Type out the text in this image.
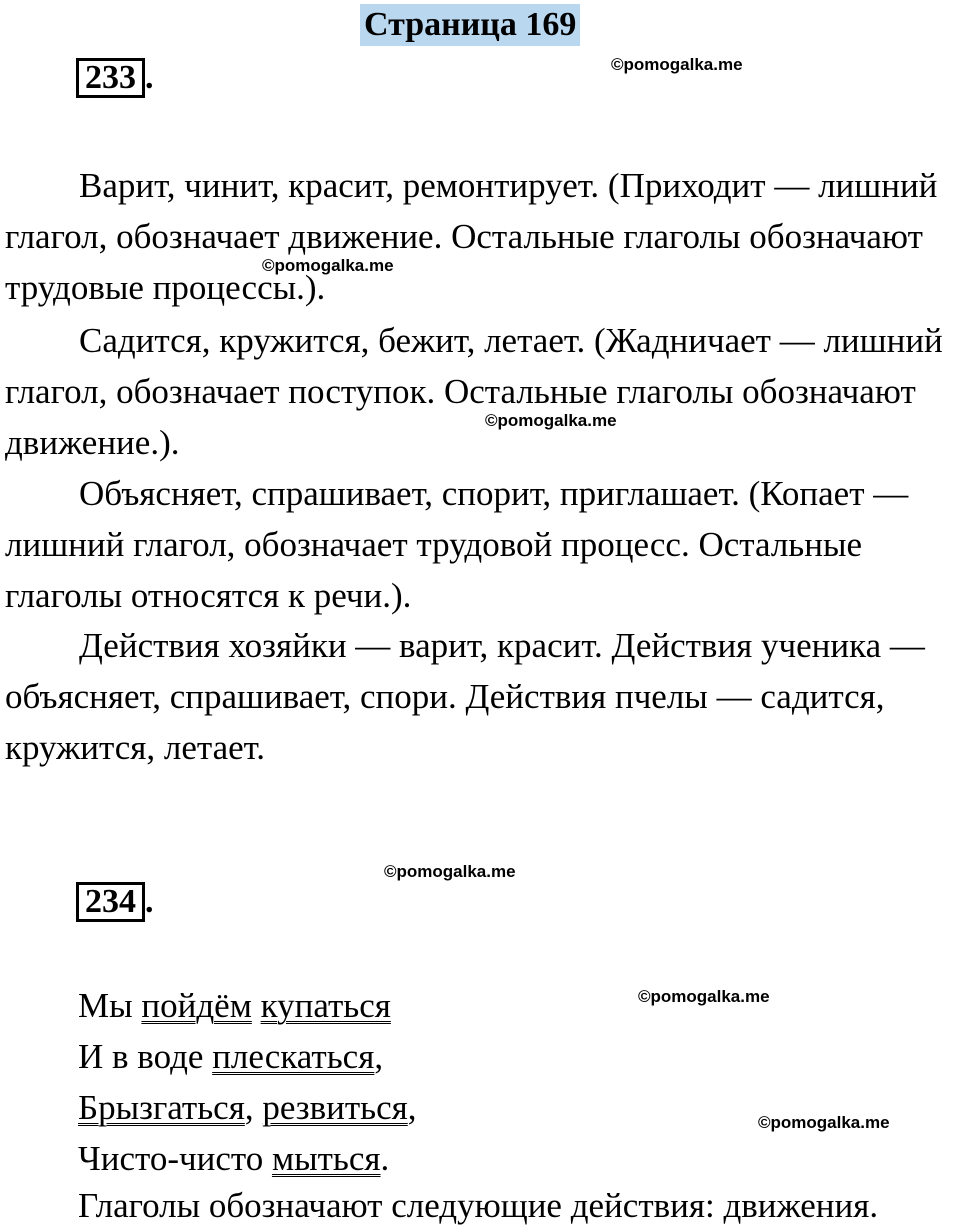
Страница 169
233 .	©pomogalka.me

Варит, чинит, красит, ремонтирует. (Приходит — лишний глагол, обозначает движение. Остальные глаголы обозначают трудовые процессы.).

©pomogalka.me

Садится, кружится, бежит, летает. (Жадничает — лишний глагол, обозначает поступок. Остальные глаголы обозначают движение.).

©pomogalka.me

Объясняет, спрашивает, спорит, приглашает. (Копает — лишний глагол, обозначает трудовой процесс. Остальные глаголы относятся к речи.).

Действия хозяйки — варит, красит. Действия ученика — объясняет, спрашивает, спори. Действия пчелы — садится, кружится, летает.

©pomogalka.me
234 .
©pomogalka.me
Мы пойдём купаться
И в воде плескаться,
Брызгаться, резвиться,	©pomogalka.me
Чисто-чисто мыться.
Глаголы обозначают следующие действия: движения.
